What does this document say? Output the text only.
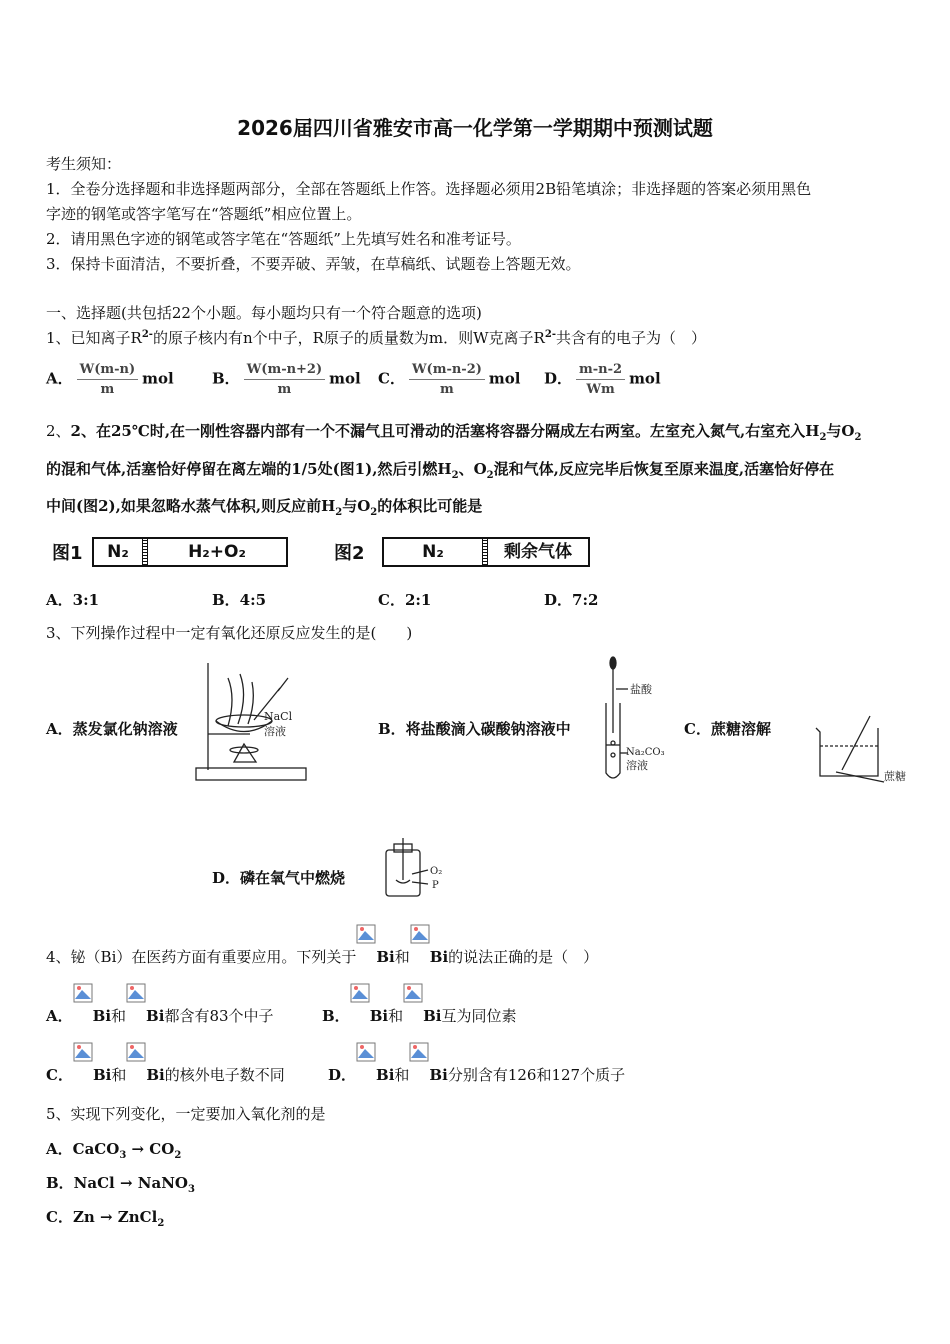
2026届四川省雅安市高一化学第一学期期中预测试题
考生须知：
1．全卷分选择题和非选择题两部分，全部在答题纸上作答。选择题必须用2B铅笔填涂；非选择题的答案必须用黑色
字迹的钢笔或答字笔写在“答题纸”相应位置上。
2．请用黑色字迹的钢笔或答字笔在“答题纸”上先填写姓名和准考证号。
3．保持卡面清洁，不要折叠，不要弄破、弄皱，在草稿纸、试题卷上答题无效。
一、选择题(共包括22个小题。每小题均只有一个符合题意的选项)
1、已知离子$R^{2-}$的原子核内有n个中子，R原子的质量数为m．则W克离子$R^{2-}$共含有的电子为（　）
A． $\frac{W(m-n)}{m}$ mol	B． $\frac{W(m-n+2)}{m}$ mol C． $\frac{W(m-n-2)}{m}$ mol D． $\frac{m-n-2}{Wm}$ mol
2、2、在25℃时,在一刚性容器内部有一个不漏气且可滑动的活塞将容器分隔成左右两室。左室充入氮气,右室充入$H_2$与$O_2$
的混和气体,活塞恰好停留在离左端的1/5处(图1),然后引燃$H_2$、$O_2$混和气体,反应完毕后恢复至原来温度,活塞恰好停在
中间(图2),如果忽略水蒸气体积,则反应前$H_2$与$O_2$的体积比可能是
图1	N₂	H₂+O₂	图2	N₂	剩余气体
A．3:1	B．4:5	C．2:1	D．7:2
3、下列操作过程中一定有氧化还原反应发生的是(　　)
A．蒸发氯化钠溶液
NaCl
溶液	B．将盐酸滴入碳酸钠溶液中
盐酸
Na₂CO₃
溶液
C．蔗糖溶解
蔗糖
D．磷在氧气中燃烧	O₂
P
4、铋（Bi）在医药方面有重要应用。下列关于 Bi和 Bi的说法正确的是（　）
A． Bi和 Bi都含有83个中子	B． Bi和 Bi互为同位素
C． Bi和 Bi的核外电子数不同	D． Bi和 Bi分别含有126和127个质子
5、实现下列变化，一定要加入氧化剂的是
A．CaCO$_3$ → $CO_2$
B．NaCl → NaNO$_3$
C．Zn → ZnCl$_2$
